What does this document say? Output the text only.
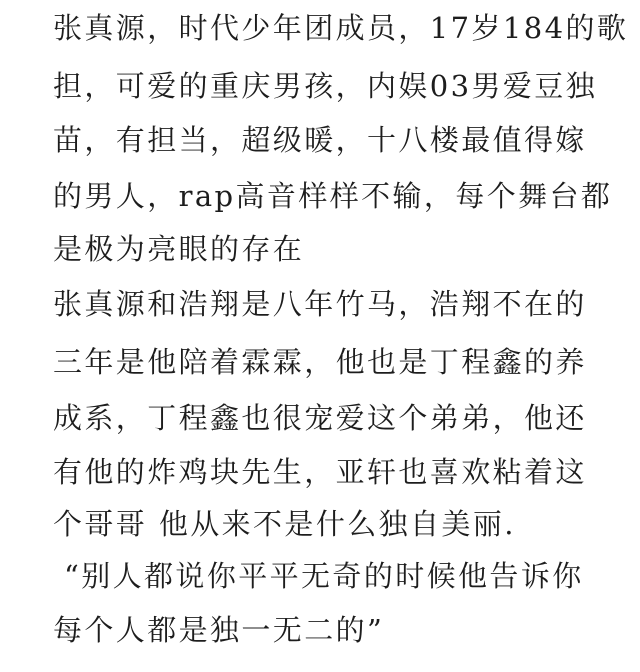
张真源，时代少年团成员，17岁184的歌
担，可爱的重庆男孩，内娱03男爱豆独
苗，有担当，超级暖，十八楼最值得嫁
的男人，rap高音样样不输，每个舞台都
是极为亮眼的存在
张真源和浩翔是八年竹马，浩翔不在的
三年是他陪着霖霖，他也是丁程鑫的养
成系，丁程鑫也很宠爱这个弟弟，他还
有他的炸鸡块先生，亚轩也喜欢粘着这
个哥哥 他从来不是什么独自美丽.
“别人都说你平平无奇的时候他告诉你
每个人都是独一无二的”
